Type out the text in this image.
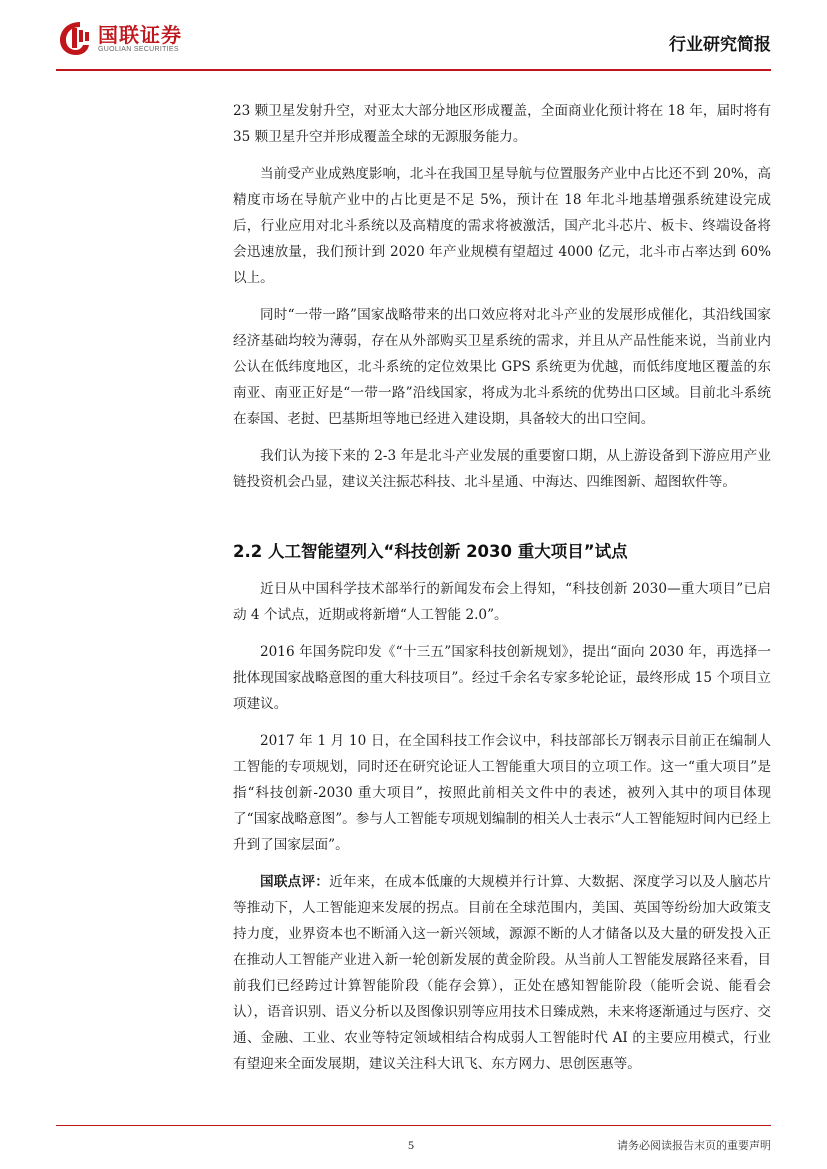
国联证券
GUOLIAN SECURITIES	行业研究简报

23 颗卫星发射升空，对亚太大部分地区形成覆盖，全面商业化预计将在 18 年，届时将有 35 颗卫星升空并形成覆盖全球的无源服务能力。

当前受产业成熟度影响，北斗在我国卫星导航与位置服务产业中占比还不到 20%，高精度市场在导航产业中的占比更是不足 5%，预计在 18 年北斗地基增强系统建设完成后，行业应用对北斗系统以及高精度的需求将被激活，国产北斗芯片、板卡、终端设备将会迅速放量，我们预计到 2020 年产业规模有望超过 4000 亿元，北斗市占率达到 60%以上。

同时“一带一路”国家战略带来的出口效应将对北斗产业的发展形成催化，其沿线国家经济基础均较为薄弱，存在从外部购买卫星系统的需求，并且从产品性能来说，当前业内公认在低纬度地区，北斗系统的定位效果比 GPS 系统更为优越，而低纬度地区覆盖的东南亚、南亚正好是“一带一路”沿线国家，将成为北斗系统的优势出口区域。目前北斗系统在泰国、老挝、巴基斯坦等地已经进入建设期，具备较大的出口空间。

我们认为接下来的 2-3 年是北斗产业发展的重要窗口期，从上游设备到下游应用产业链投资机会凸显，建议关注振芯科技、北斗星通、中海达、四维图新、超图软件等。

2.2 人工智能望列入“科技创新 2030 重大项目”试点

近日从中国科学技术部举行的新闻发布会上得知，“科技创新 2030—重大项目”已启动 4 个试点，近期或将新增“人工智能 2.0”。

2016 年国务院印发《“十三五”国家科技创新规划》，提出“面向 2030 年，再选择一批体现国家战略意图的重大科技项目”。经过千余名专家多轮论证，最终形成 15 个项目立项建议。

2017 年 1 月 10 日，在全国科技工作会议中，科技部部长万钢表示目前正在编制人工智能的专项规划，同时还在研究论证人工智能重大项目的立项工作。这一“重大项目”是指“科技创新-2030 重大项目”，按照此前相关文件中的表述，被列入其中的项目体现了“国家战略意图”。参与人工智能专项规划编制的相关人士表示“人工智能短时间内已经上升到了国家层面”。

国联点评：近年来，在成本低廉的大规模并行计算、大数据、深度学习以及人脑芯片等推动下，人工智能迎来发展的拐点。目前在全球范围内，美国、英国等纷纷加大政策支持力度，业界资本也不断涌入这一新兴领域，源源不断的人才储备以及大量的研发投入正在推动人工智能产业进入新一轮创新发展的黄金阶段。从当前人工智能发展路径来看，目前我们已经跨过计算智能阶段（能存会算），正处在感知智能阶段（能听会说、能看会认），语音识别、语义分析以及图像识别等应用技术日臻成熟，未来将逐渐通过与医疗、交通、金融、工业、农业等特定领域相结合构成弱人工智能时代 AI 的主要应用模式，行业有望迎来全面发展期，建议关注科大讯飞、东方网力、思创医惠等。

5	请务必阅读报告末页的重要声明
